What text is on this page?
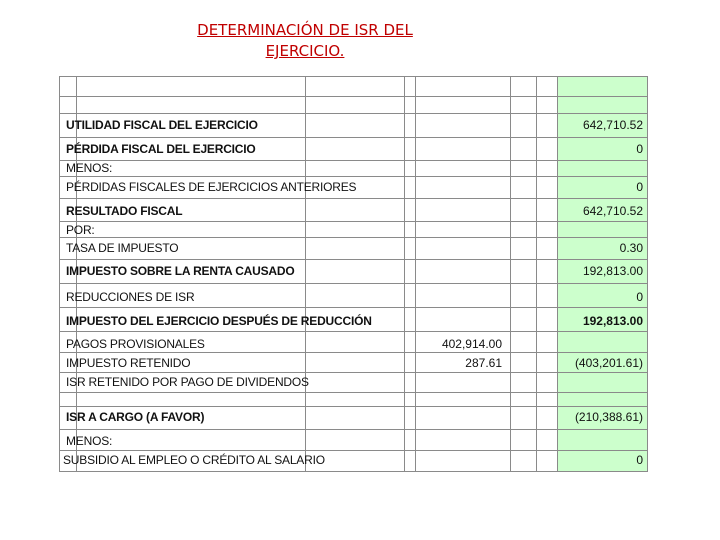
DETERMINACIÓN DE ISR DEL
EJERCICIO.
UTILIDAD FISCAL DEL EJERCICIO
PÉRDIDA FISCAL DEL EJERCICIO
MENOS:
PÉRDIDAS FISCALES DE EJERCICIOS ANTERIORES
RESULTADO FISCAL
POR:
TASA DE IMPUESTO
IMPUESTO SOBRE LA RENTA CAUSADO
REDUCCIONES DE ISR
IMPUESTO DEL EJERCICIO DESPUÉS DE REDUCCIÓN
PAGOS PROVISIONALES
IMPUESTO RETENIDO
ISR RETENIDO POR PAGO DE DIVIDENDOS
ISR A CARGO (A FAVOR)
MENOS:
SUBSIDIO AL EMPLEO O CRÉDITO AL SALARIO
642,710.52
0
0
642,710.52
0.30
192,813.00
0
192,813.00
(403,201.61)
(210,388.61)
0
402,914.00
287.61
